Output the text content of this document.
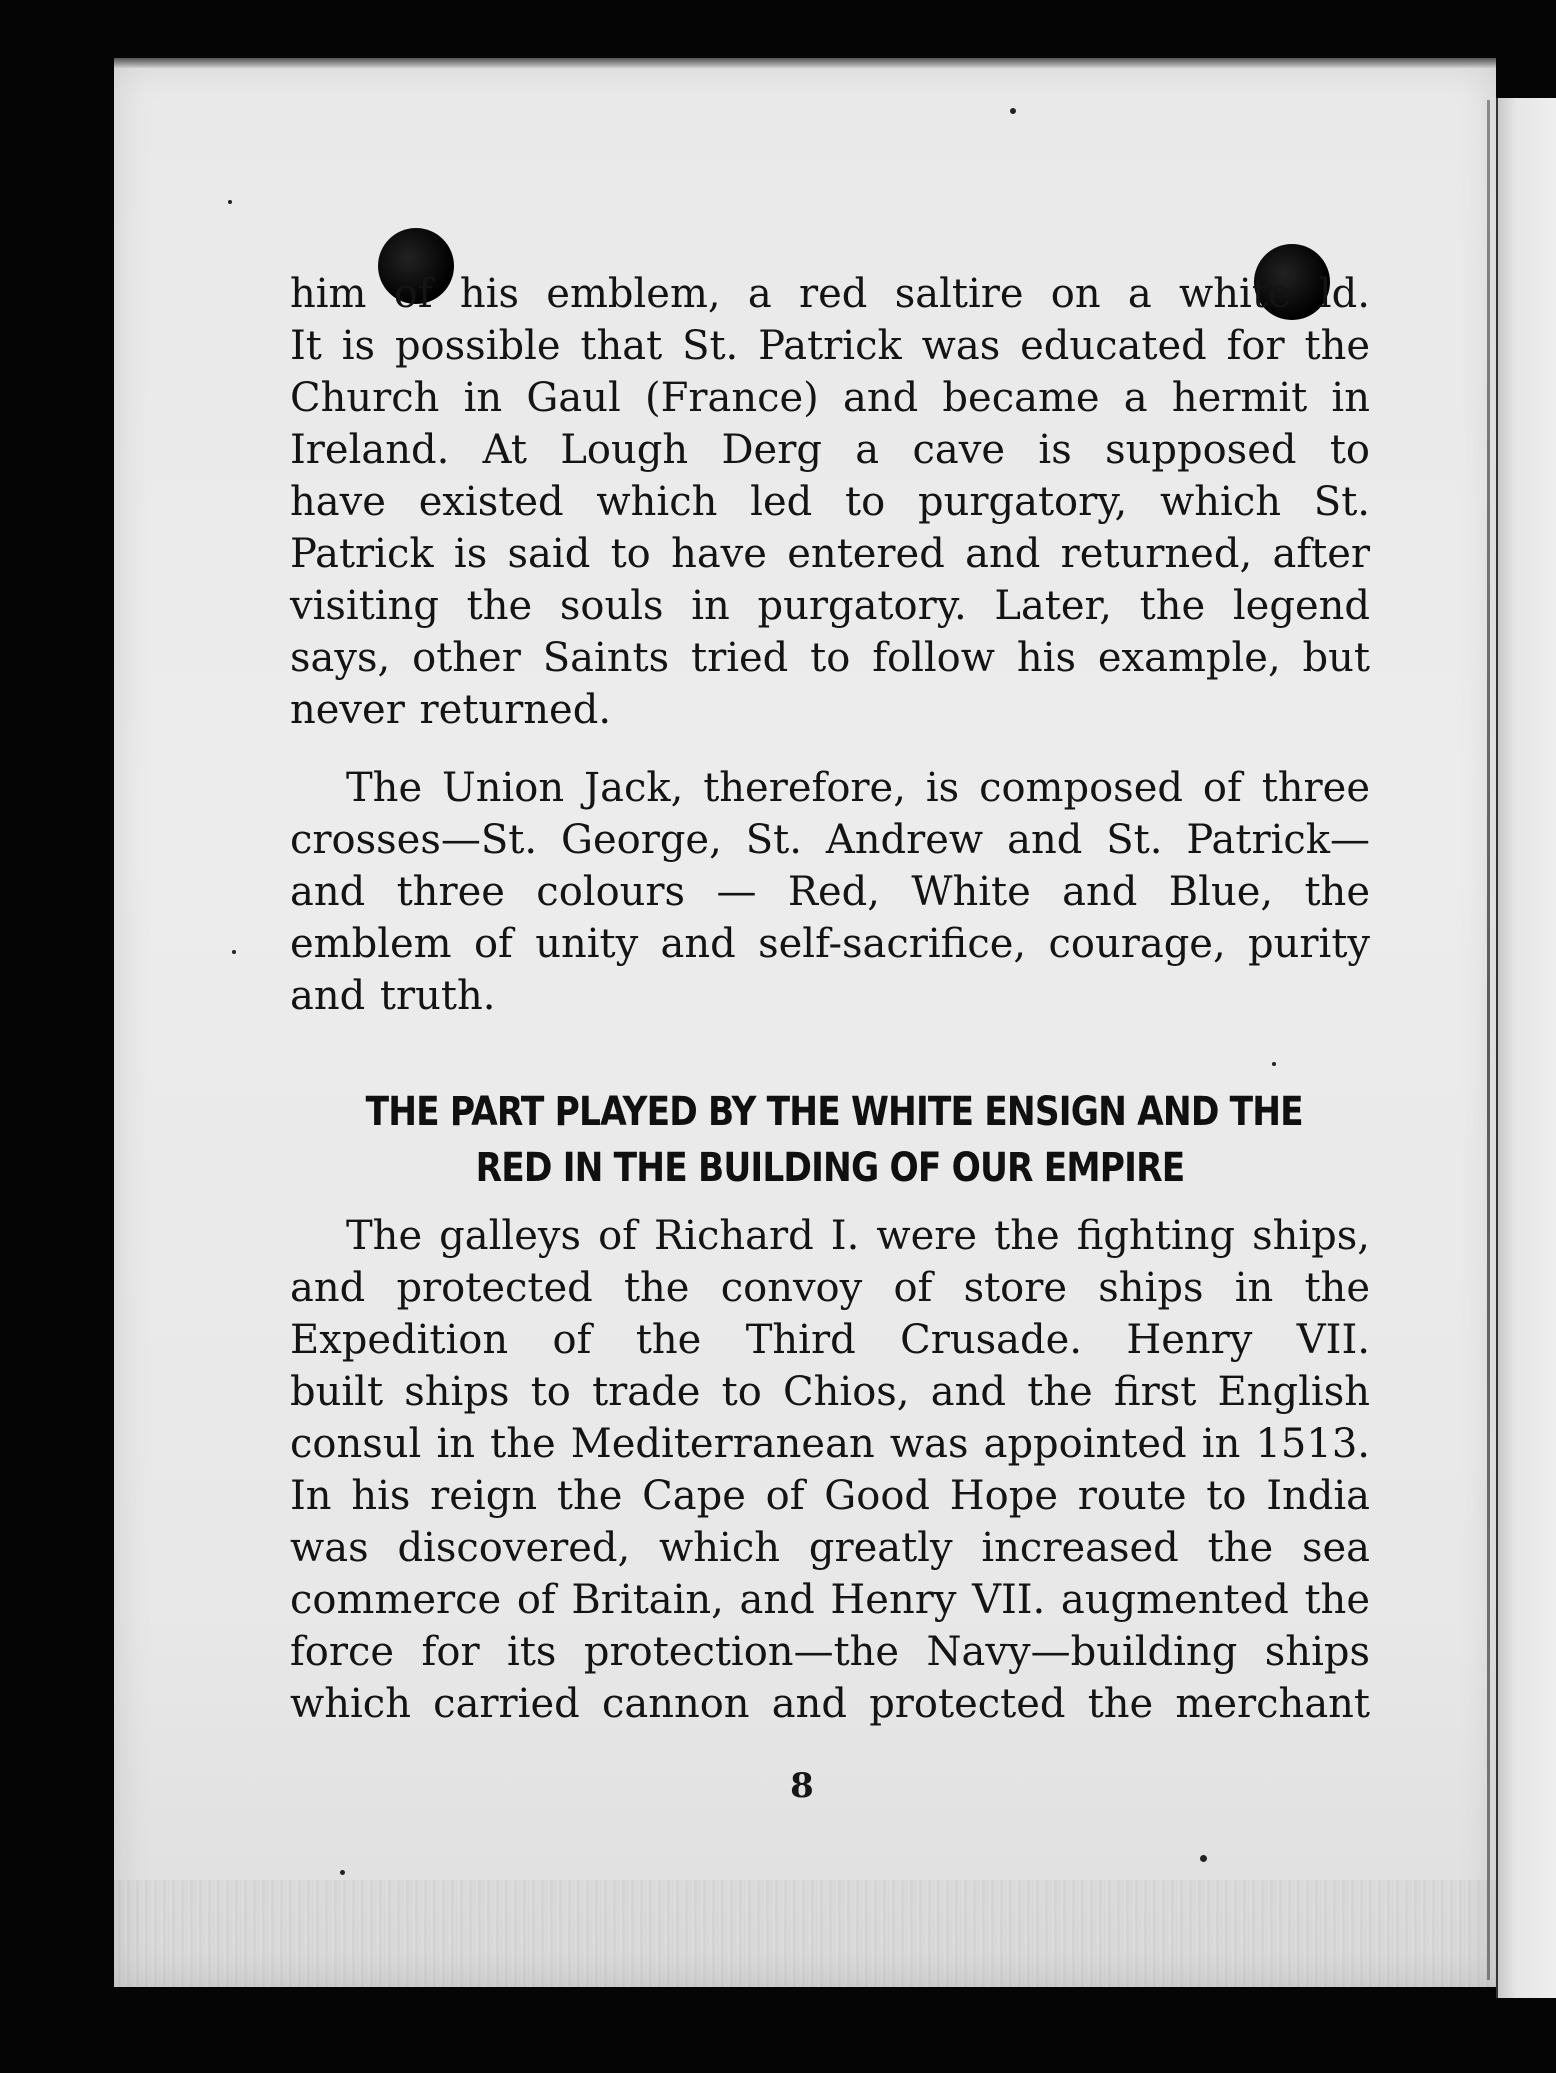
him of his emblem, a red saltire on a white ld.
It is possible that St. Patrick was educated for the
Church in Gaul (France) and became a hermit in
Ireland. At Lough Derg a cave is supposed to
have existed which led to purgatory, which St.
Patrick is said to have entered and returned, after
visiting the souls in purgatory. Later, the legend
says, other Saints tried to follow his example, but
never returned.
The Union Jack, therefore, is composed of three
crosses—St. George, St. Andrew and St. Patrick—
and three colours — Red, White and Blue, the
emblem of unity and self-sacrifice, courage, purity
and truth.
THE PART PLAYED BY THE WHITE ENSIGN AND THE
RED IN THE BUILDING OF OUR EMPIRE
The galleys of Richard I. were the fighting ships,
and protected the convoy of store ships in the
Expedition of the Third Crusade. Henry VII.
built ships to trade to Chios, and the first English
consul in the Mediterranean was appointed in 1513.
In his reign the Cape of Good Hope route to India
was discovered, which greatly increased the sea
commerce of Britain, and Henry VII. augmented the
force for its protection—the Navy—building ships
which carried cannon and protected the merchant
8
